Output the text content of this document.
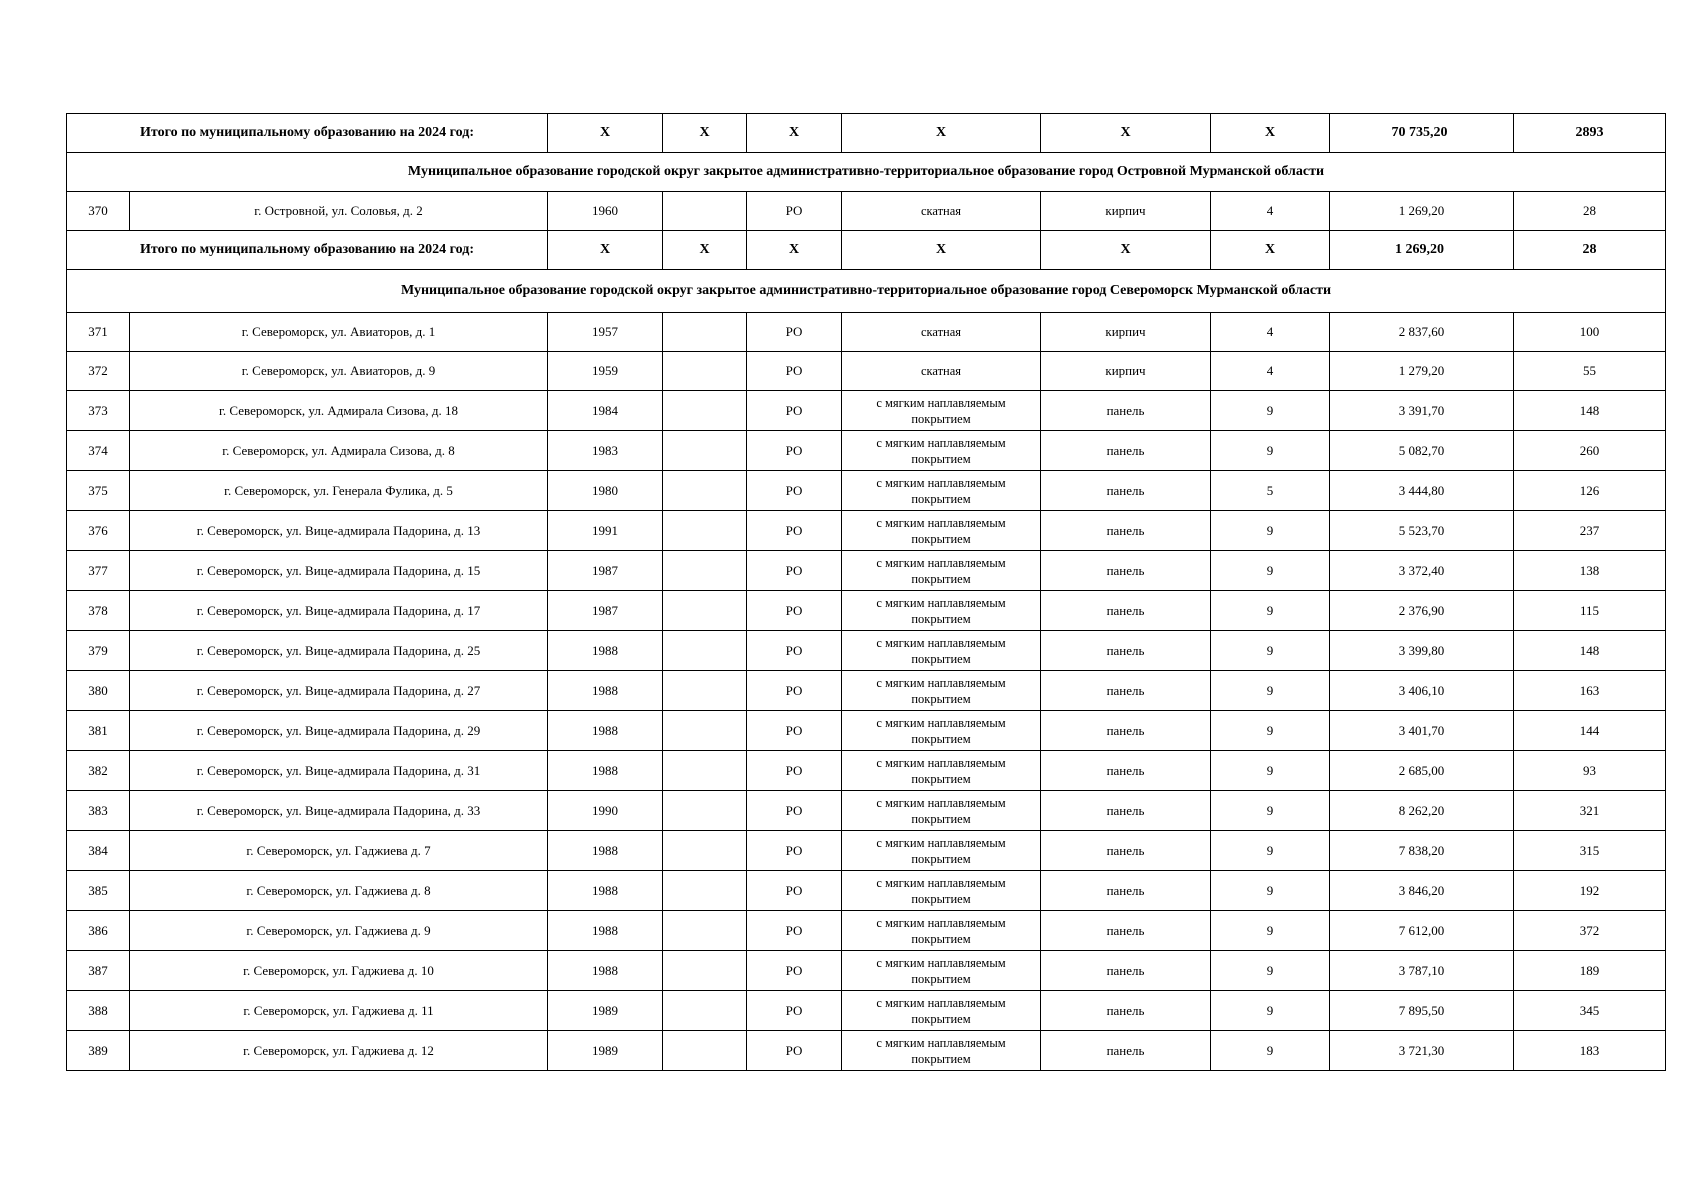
Итого по муниципальному образованию на 2024 год:		X	X	X	X	X	X	70 735,20	2893
Муниципальное образование городской округ закрытое административно-территориальное образование город Островной Мурманской области									
370	г. Островной, ул. Соловья, д. 2	1960		РО	скатная	кирпич	4	1 269,20	28
Итого по муниципальному образованию на 2024 год:		X	X	X	X	X	X	1 269,20	28
Муниципальное образование городской округ закрытое административно-территориальное образование город Североморск Мурманской области									
371	г. Североморск, ул. Авиаторов, д. 1	1957		РО	скатная	кирпич	4	2 837,60	100
372	г. Североморск, ул. Авиаторов, д. 9	1959		РО	скатная	кирпич	4	1 279,20	55
373	г. Североморск, ул. Адмирала Сизова, д. 18	1984		РО	с мягким наплавляемым покрытием	панель	9	3 391,70	148
374	г. Североморск, ул. Адмирала Сизова, д. 8	1983		РО	с мягким наплавляемым покрытием	панель	9	5 082,70	260
375	г. Североморск, ул. Генерала Фулика, д. 5	1980		РО	с мягким наплавляемым покрытием	панель	5	3 444,80	126
376	г. Североморск, ул. Вице-адмирала Падорина, д. 13	1991		РО	с мягким наплавляемым покрытием	панель	9	5 523,70	237
377	г. Североморск, ул. Вице-адмирала Падорина, д. 15	1987		РО	с мягким наплавляемым покрытием	панель	9	3 372,40	138
378	г. Североморск, ул. Вице-адмирала Падорина, д. 17	1987		РО	с мягким наплавляемым покрытием	панель	9	2 376,90	115
379	г. Североморск, ул. Вице-адмирала Падорина, д. 25	1988		РО	с мягким наплавляемым покрытием	панель	9	3 399,80	148
380	г. Североморск, ул. Вице-адмирала Падорина, д. 27	1988		РО	с мягким наплавляемым покрытием	панель	9	3 406,10	163
381	г. Североморск, ул. Вице-адмирала Падорина, д. 29	1988		РО	с мягким наплавляемым покрытием	панель	9	3 401,70	144
382	г. Североморск, ул. Вице-адмирала Падорина, д. 31	1988		РО	с мягким наплавляемым покрытием	панель	9	2 685,00	93
383	г. Североморск, ул. Вице-адмирала Падорина, д. 33	1990		РО	с мягким наплавляемым покрытием	панель	9	8 262,20	321
384	г. Североморск, ул. Гаджиева д. 7	1988		РО	с мягким наплавляемым покрытием	панель	9	7 838,20	315
385	г. Североморск, ул. Гаджиева д. 8	1988		РО	с мягким наплавляемым покрытием	панель	9	3 846,20	192
386	г. Североморск, ул. Гаджиева д. 9	1988		РО	с мягким наплавляемым покрытием	панель	9	7 612,00	372
387	г. Североморск, ул. Гаджиева д. 10	1988		РО	с мягким наплавляемым покрытием	панель	9	3 787,10	189
388	г. Североморск, ул. Гаджиева д. 11	1989		РО	с мягким наплавляемым покрытием	панель	9	7 895,50	345
389	г. Североморск, ул. Гаджиева д. 12	1989		РО	с мягким наплавляемым покрытием	панель	9	3 721,30	183
